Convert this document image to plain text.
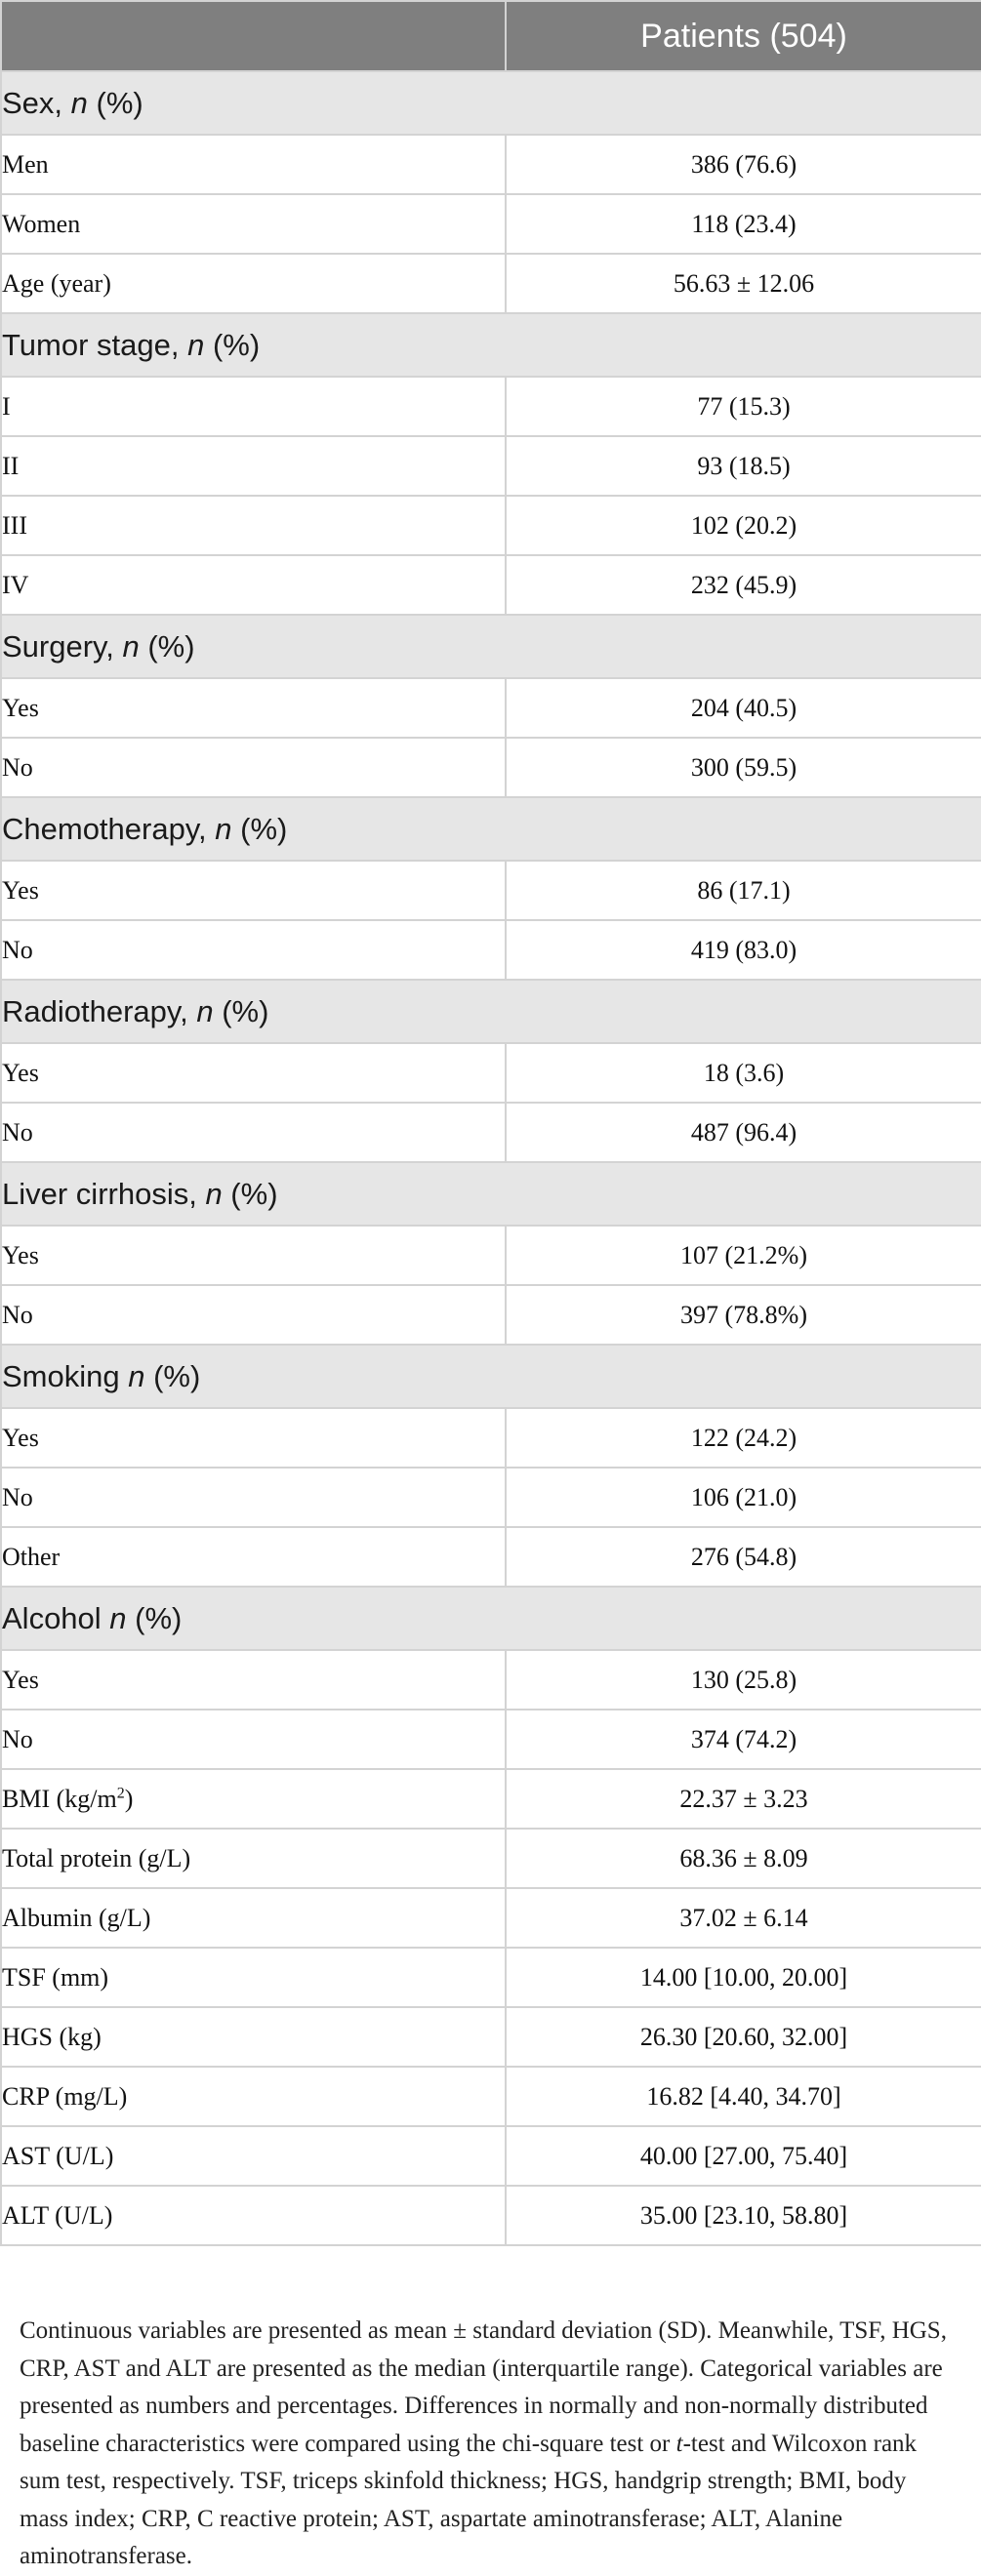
	Patients (504)
Sex, n (%)	
Men	386 (76.6)
Women	118 (23.4)
Age (year)	56.63 ± 12.06
Tumor stage, n (%)	
I	77 (15.3)
II	93 (18.5)
III	102 (20.2)
IV	232 (45.9)
Surgery, n (%)	
Yes	204 (40.5)
No	300 (59.5)
Chemotherapy, n (%)	
Yes	86 (17.1)
No	419 (83.0)
Radiotherapy, n (%)	
Yes	18 (3.6)
No	487 (96.4)
Liver cirrhosis, n (%)	
Yes	107 (21.2%)
No	397 (78.8%)
Smoking n (%)	
Yes	122 (24.2)
No	106 (21.0)
Other	276 (54.8)
Alcohol n (%)	
Yes	130 (25.8)
No	374 (74.2)
BMI $(kg/m^2)$	22.37 ± 3.23
Total protein (g/L)	68.36 ± 8.09
Albumin (g/L)	37.02 ± 6.14
TSF (mm)	14.00 [10.00, 20.00]
HGS (kg)	26.30 [20.60, 32.00]
CRP (mg/L)	16.82 [4.40, 34.70]
AST (U/L)	40.00 [27.00, 75.40]
ALT (U/L)	35.00 [23.10, 58.80]

Continuous variables are presented as mean ± standard deviation (SD). Meanwhile, TSF, HGS, CRP, AST and ALT are presented as the median (interquartile range). Categorical variables are presented as numbers and percentages. Differences in normally and non-normally distributed baseline characteristics were compared using the chi-square test or t-test and Wilcoxon rank sum test, respectively. TSF, triceps skinfold thickness; HGS, handgrip strength; BMI, body mass index; CRP, C reactive protein; AST, aspartate aminotransferase; ALT, Alanine aminotransferase.
